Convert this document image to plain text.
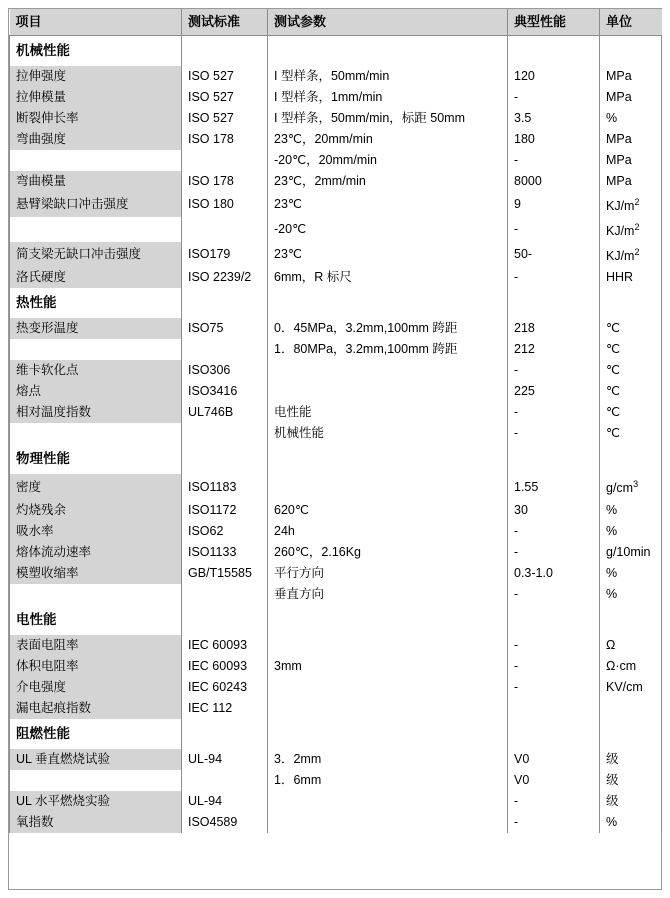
项目	测试标准	测试参数	典型性能	单位
机械性能				
拉伸强度	ISO 527	I 型样条，50mm/min	120	MPa
拉伸模量	ISO 527	I 型样条，1mm/min	-	MPa
断裂伸长率	ISO 527	I 型样条，50mm/min，标距 50mm	3.5	%
弯曲强度	ISO 178	23℃，20mm/min	180	MPa
		-20℃，20mm/min	-	MPa
弯曲模量	ISO 178	23℃，2mm/min	8000	MPa
悬臂梁缺口冲击强度	ISO 180	23℃	9	$KJ/m^2$
		-20℃	-	$KJ/m^2$
简支梁无缺口冲击强度	ISO179	23℃	50-	$KJ/m^2$
洛氏硬度	ISO 2239/2	6mm，R 标尺	-	HHR
热性能				
热变形温度	ISO75	0．45MPa，3.2mm,100mm 跨距	218	℃
		1．80MPa，3.2mm,100mm 跨距	212	℃
维卡软化点	ISO306		-	℃
熔点	ISO3416		225	℃
相对温度指数	UL746B	电性能	-	℃
		机械性能	-	℃
物理性能				
密度	ISO1183		1.55	$g/cm^3$
灼烧残余	ISO1172	620℃	30	%
吸水率	ISO62	24h	-	%
熔体流动速率	ISO1133	260℃，2.16Kg	-	g/10min
模塑收缩率	GB/T15585	平行方向	0.3-1.0	%
		垂直方向	-	%
电性能				
表面电阻率	IEC 60093		-	Ω
体积电阻率	IEC 60093	3mm	-	Ω·cm
介电强度	IEC 60243		-	KV/cm
漏电起痕指数	IEC 112			
阻燃性能				
UL 垂直燃烧试验	UL-94	3．2mm	V0	级
		1．6mm	V0	级
UL 水平燃烧实验	UL-94		-	级
氧指数	ISO4589		-	%
